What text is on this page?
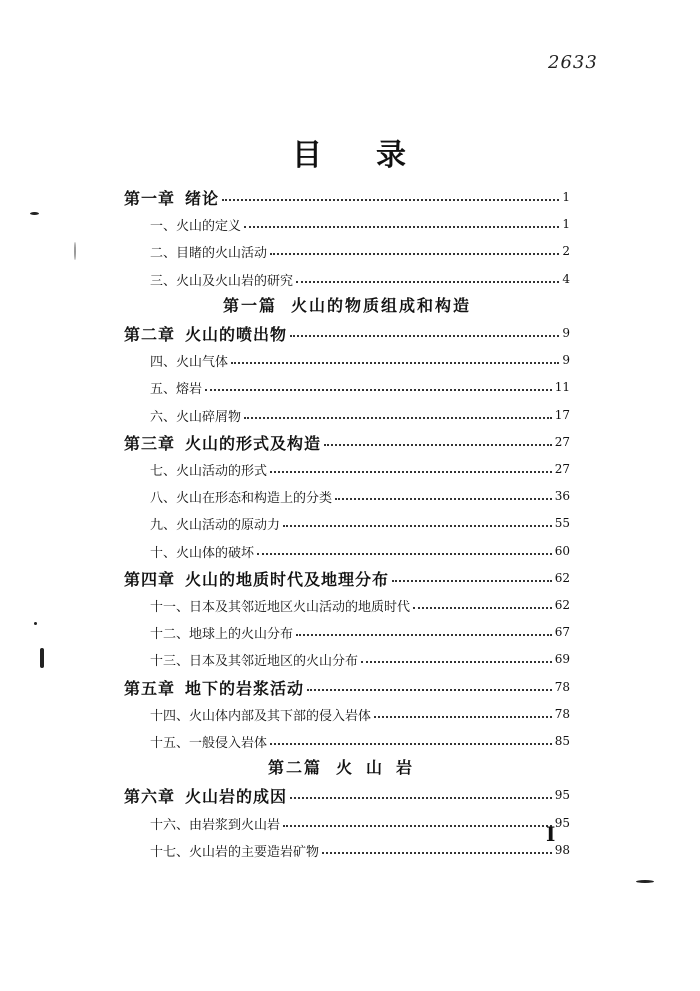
2633
目 录
第一章 绪论	1
一、火山的定义	1
二、目睹的火山活动	2
三、火山及火山岩的研究	4
第一篇 火山的物质组成和构造
第二章 火山的喷出物	9
四、火山气体	9
五、熔岩	11
六、火山碎屑物	17
第三章 火山的形式及构造	27
七、火山活动的形式	27
八、火山在形态和构造上的分类	36
九、火山活动的原动力	55
十、火山体的破坏	60
第四章 火山的地质时代及地理分布	62
十一、日本及其邻近地区火山活动的地质时代	62
十二、地球上的火山分布	67
十三、日本及其邻近地区的火山分布	69
第五章 地下的岩浆活动	78
十四、火山体内部及其下部的侵入岩体	78
十五、一般侵入岩体	85
第二篇 火山岩
第六章 火山岩的成因	95
十六、由岩浆到火山岩	95
十七、火山岩的主要造岩矿物	98
I
